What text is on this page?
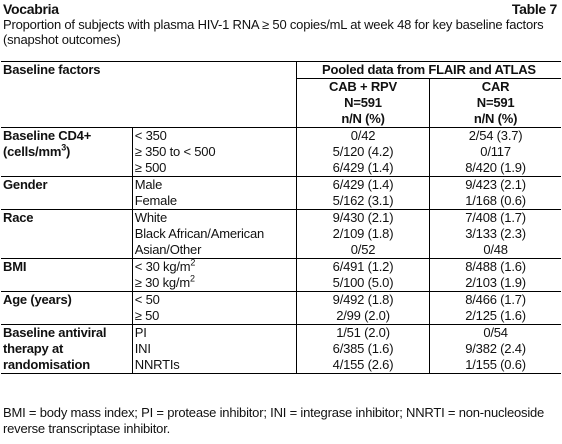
Vocabria	Table 7
Proportion of subjects with plasma HIV-1 RNA ≥ 50 copies/mL at week 48 for key baseline factors (snapshot outcomes)
Baseline factors		Pooled data from FLAIR and ATLAS	
		CAB + RPV	CAR
		N=591	N=591
		n/N (%)	n/N (%)
Baseline CD4+	< 350	0/42	2/54 (3.7)
$(cells/mm^3)$	≥ 350 to < 500	5/120 (4.2)	0/117
	≥ 500	6/429 (1.4)	8/420 (1.9)
Gender	Male	6/429 (1.4)	9/423 (2.1)
	Female	5/162 (3.1)	1/168 (0.6)
Race	White	9/430 (2.1)	7/408 (1.7)
	Black African/American	2/109 (1.8)	3/133 (2.3)
	Asian/Other	0/52	0/48
BMI	< 30 $kg/m^2$	6/491 (1.2)	8/488 (1.6)
	≥ 30 $kg/m^2$	5/100 (5.0)	2/103 (1.9)
Age (years)	< 50	9/492 (1.8)	8/466 (1.7)
	≥ 50	2/99 (2.0)	2/125 (1.6)
Baseline antiviral	PI	1/51 (2.0)	0/54
therapy at	INI	6/385 (1.6)	9/382 (2.4)
randomisation	NNRTIs	4/155 (2.6)	1/155 (0.6)
BMI = body mass index; PI = protease inhibitor; INI = integrase inhibitor; NNRTI = non-nucleoside reverse transcriptase inhibitor.
